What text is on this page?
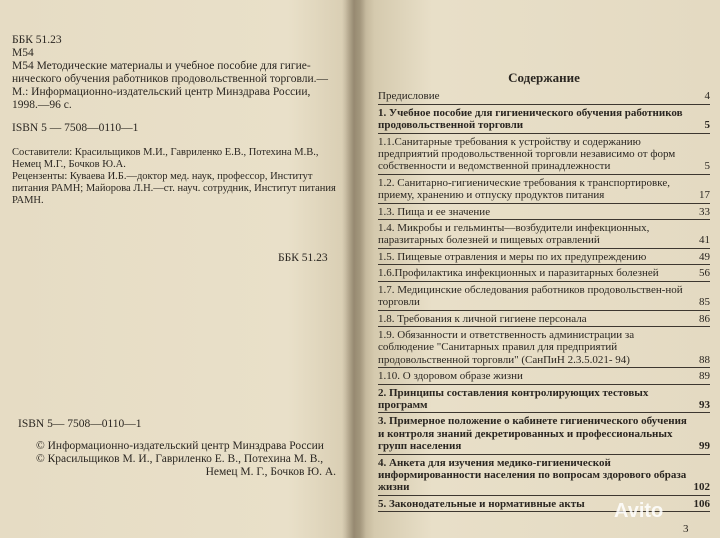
ББК 51.23

М54

М54 Методические материалы и учебное пособие для гигие- нического обучения работников продовольственной торговли.— М.: Информационно-издательский центр Минздрава России, 1998.—96 с.

ISBN 5 — 7508—0110—1

Составители: Красильщиков М.И., Гавриленко Е.В., Потехина М.В., Немец М.Г., Бочков Ю.А.

Рецензенты: Куваева И.Б.—доктор мед. наук, профессор, Институт питания РАМН; Майорова Л.Н.—ст. науч. сотрудник, Институт питания РАМН.

ББК 51.23
ISBN 5— 7508—0110—1
© Информационно-издательский центр Минздрава России
© Красильщиков М. И., Гавриленко Е. В., Потехина М. В.,
Немец М. Г., Бочков Ю. А.
Содержание
Предисловие	4
1. Учебное пособие для гигиенического обучения работников продовольственной торговли	5
1.1.Санитарные требования к устройству и содержанию предприятий продовольственной торговли независимо от форм собственности и ведомственной принадлежности	5
1.2. Санитарно-гигиенические требования к транспортировке, приему, хранению и отпуску продуктов питания	17
1.3. Пища и ее значение	33
1.4. Микробы и гельминты—возбудители инфекционных, паразитарных болезней и пищевых отравлений	41
1.5. Пищевые отравления и меры по их предупреждению	49
1.6.Профилактика инфекционных и паразитарных болезней	56
1.7. Медицинские обследования работников продовольствен-ной торговли	85
1.8. Требования к личной гигиене персонала	86
1.9. Обязанности и ответственность администрации за соблюдение "Санитарных правил для предприятий продовольственной торговли" (СанПиН 2.3.5.021- 94)	88
1.10. О здоровом образе жизни	89
2. Принципы составления контролирующих тестовых программ	93
3. Примерное положение о кабинете гигиенического обучения и контроля знаний декретированных и профессиональных групп населения	99
4. Анкета для изучения медико-гигиенической информированности населения по вопросам здорового образа жизни	102
5. Законодательные и нормативные акты	106
3
Avito
